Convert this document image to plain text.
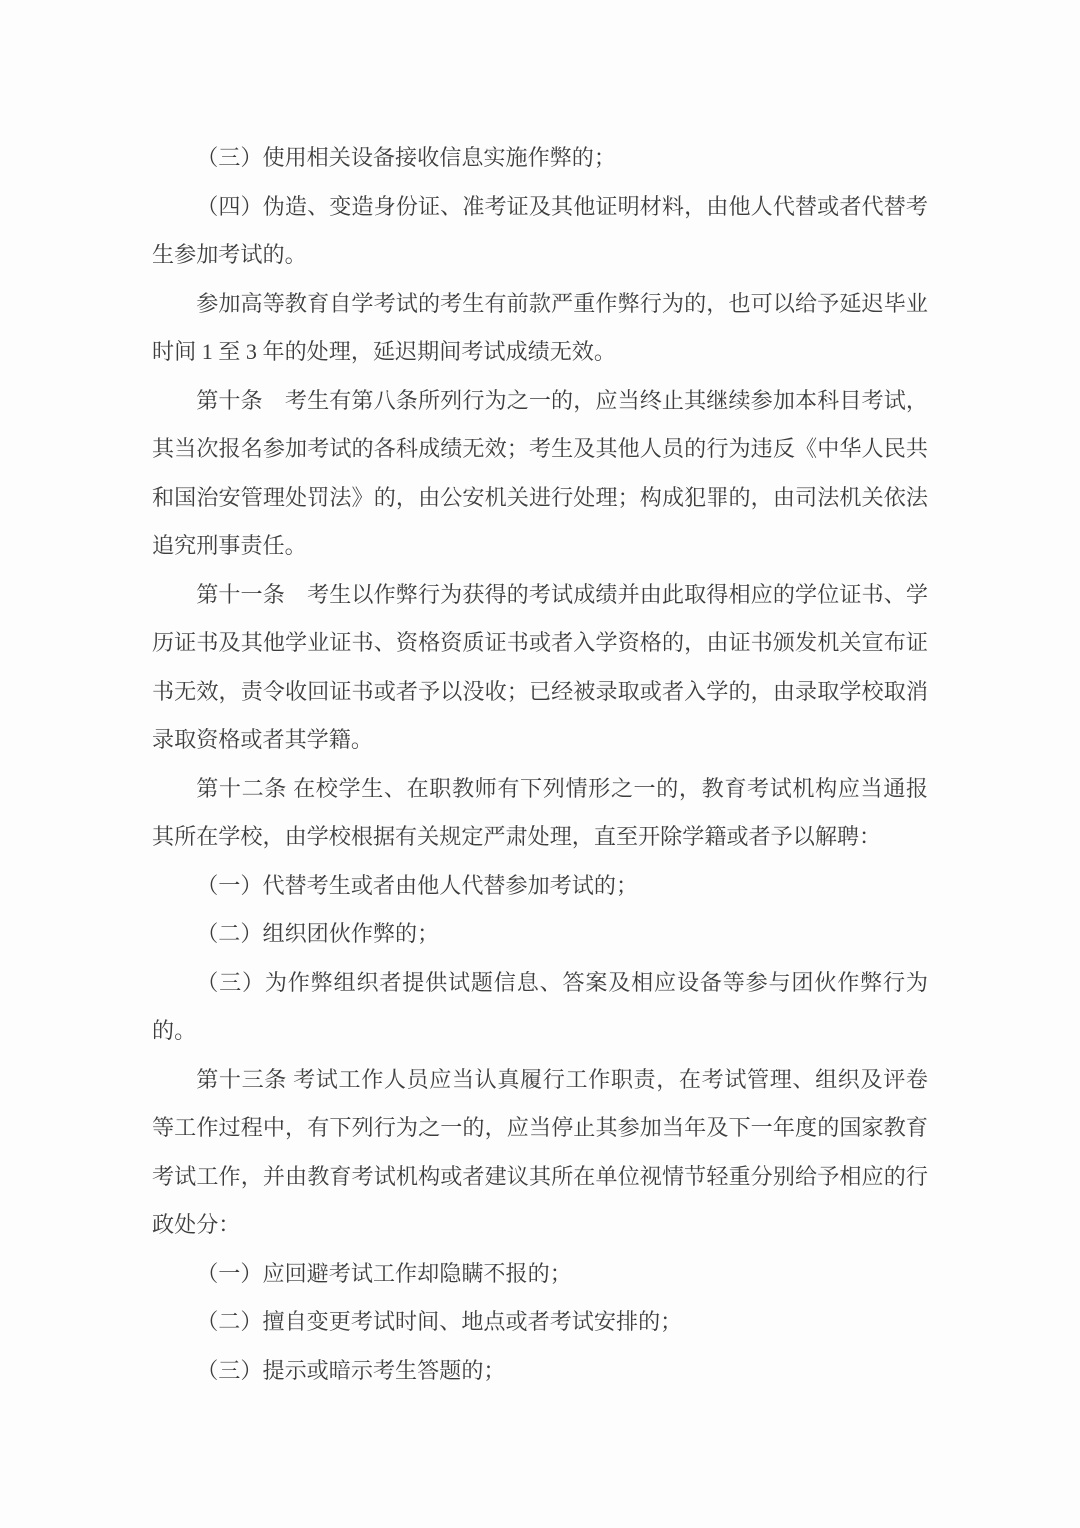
（三）使用相关设备接收信息实施作弊的；

（四）伪造、变造身份证、准考证及其他证明材料，由他人代替或者代替考生参加考试的。

参加高等教育自学考试的考生有前款严重作弊行为的，也可以给予延迟毕业时间 1 至 3 年的处理，延迟期间考试成绩无效。

第十条　考生有第八条所列行为之一的，应当终止其继续参加本科目考试，其当次报名参加考试的各科成绩无效；考生及其他人员的行为违反《中华人民共和国治安管理处罚法》的，由公安机关进行处理；构成犯罪的，由司法机关依法追究刑事责任。

第十一条　考生以作弊行为获得的考试成绩并由此取得相应的学位证书、学历证书及其他学业证书、资格资质证书或者入学资格的，由证书颁发机关宣布证书无效，责令收回证书或者予以没收；已经被录取或者入学的，由录取学校取消录取资格或者其学籍。

第十二条 在校学生、在职教师有下列情形之一的，教育考试机构应当通报其所在学校，由学校根据有关规定严肃处理，直至开除学籍或者予以解聘：

（一）代替考生或者由他人代替参加考试的；

（二）组织团伙作弊的；

（三）为作弊组织者提供试题信息、答案及相应设备等参与团伙作弊行为的。

第十三条 考试工作人员应当认真履行工作职责，在考试管理、组织及评卷等工作过程中，有下列行为之一的，应当停止其参加当年及下一年度的国家教育考试工作，并由教育考试机构或者建议其所在单位视情节轻重分别给予相应的行政处分：

（一）应回避考试工作却隐瞒不报的；

（二）擅自变更考试时间、地点或者考试安排的；

（三）提示或暗示考生答题的；
